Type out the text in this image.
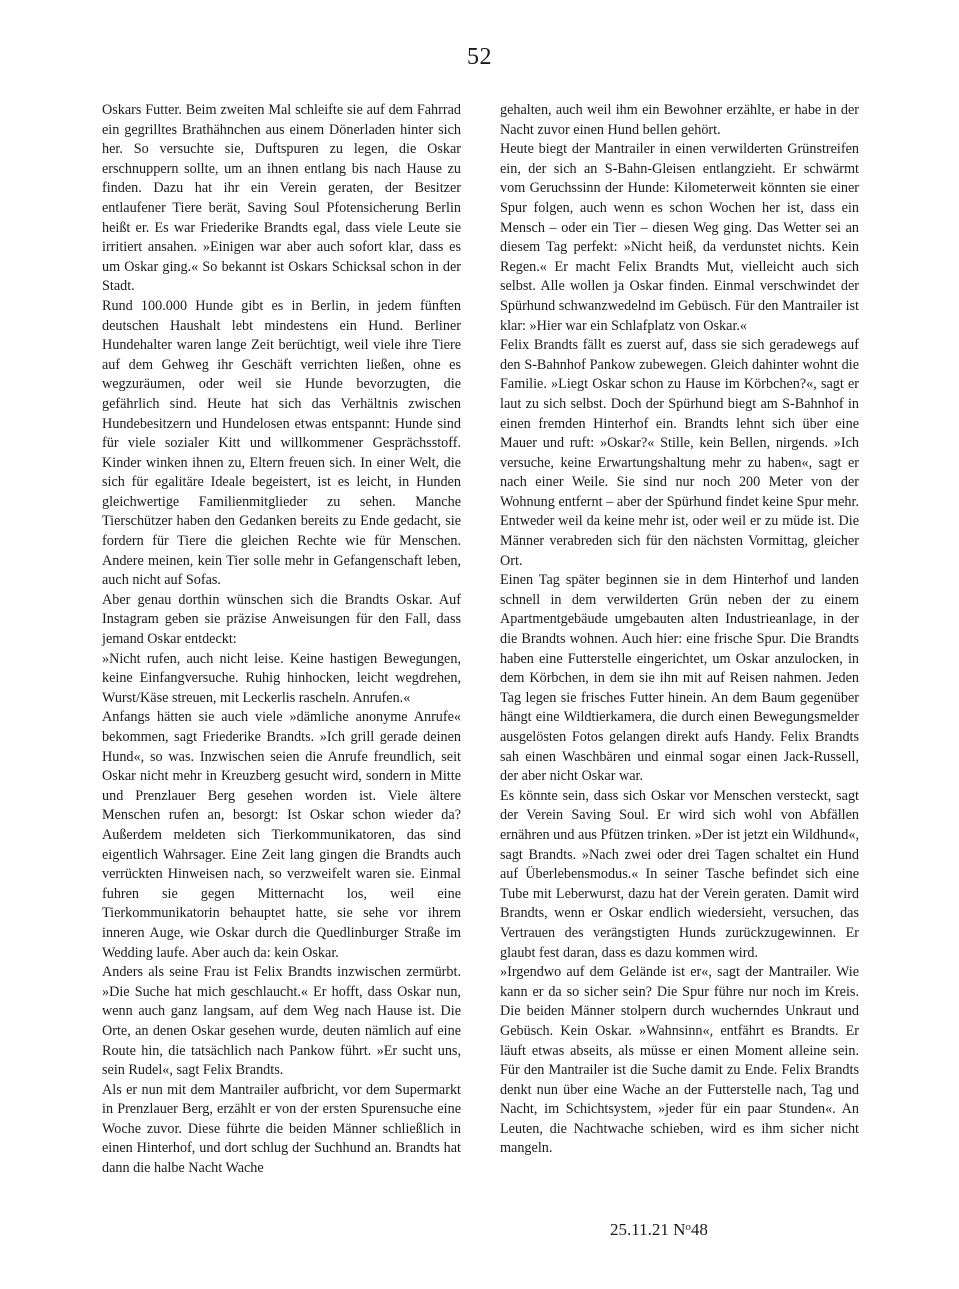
52

Oskars Futter. Beim zweiten Mal schleifte sie auf dem Fahrrad ein gegrilltes Brathähnchen aus einem Dönerladen hinter sich her. So versuchte sie, Duftspuren zu legen, die Oskar erschnuppern sollte, um an ihnen entlang bis nach Hause zu finden. Dazu hat ihr ein Verein geraten, der Besitzer entlaufener Tiere berät, Saving Soul Pfotensicherung Berlin heißt er. Es war Friederike Brandts egal, dass viele Leute sie irritiert ansahen. »Einigen war aber auch sofort klar, dass es um Oskar ging.« So bekannt ist Oskars Schicksal schon in der Stadt.

Rund 100.000 Hunde gibt es in Berlin, in jedem fünften deutschen Haushalt lebt mindestens ein Hund. Berliner Hundehalter waren lange Zeit berüchtigt, weil viele ihre Tiere auf dem Gehweg ihr Geschäft verrichten ließen, ohne es wegzuräumen, oder weil sie Hunde bevorzugten, die gefährlich sind. Heute hat sich das Verhältnis zwischen Hundebesitzern und Hundelosen etwas entspannt: Hunde sind für viele sozialer Kitt und willkommener Gesprächsstoff. Kinder winken ihnen zu, Eltern freuen sich. In einer Welt, die sich für egalitäre Ideale begeistert, ist es leicht, in Hunden gleichwertige Familienmitglieder zu sehen. Manche Tierschützer haben den Gedanken bereits zu Ende gedacht, sie fordern für Tiere die gleichen Rechte wie für Menschen. Andere meinen, kein Tier solle mehr in Gefangenschaft leben, auch nicht auf Sofas.

Aber genau dorthin wünschen sich die Brandts Oskar. Auf Instagram geben sie präzise Anweisungen für den Fall, dass jemand Oskar entdeckt:

»Nicht rufen, auch nicht leise. Keine hastigen Bewegungen, keine Einfangversuche. Ruhig hinhocken, leicht wegdrehen, Wurst/Käse streuen, mit Leckerlis rascheln. Anrufen.«

Anfangs hätten sie auch viele »dämliche anonyme Anrufe« bekommen, sagt Friederike Brandts. »Ich grill gerade deinen Hund«, so was. Inzwischen seien die Anrufe freundlich, seit Oskar nicht mehr in Kreuzberg gesucht wird, sondern in Mitte und Prenzlauer Berg gesehen worden ist. Viele ältere Menschen rufen an, besorgt: Ist Oskar schon wieder da? Außerdem meldeten sich Tierkommunikatoren, das sind eigentlich Wahrsager. Eine Zeit lang gingen die Brandts auch verrückten Hinweisen nach, so verzweifelt waren sie. Einmal fuhren sie gegen Mitternacht los, weil eine Tierkommunikatorin behauptet hatte, sie sehe vor ihrem inneren Auge, wie Oskar durch die Quedlinburger Straße im Wedding laufe. Aber auch da: kein Oskar.

Anders als seine Frau ist Felix Brandts inzwischen zermürbt. »Die Suche hat mich geschlaucht.« Er hofft, dass Oskar nun, wenn auch ganz langsam, auf dem Weg nach Hause ist. Die Orte, an denen Oskar gesehen wurde, deuten nämlich auf eine Route hin, die tatsächlich nach Pankow führt. »Er sucht uns, sein Rudel«, sagt Felix Brandts.

Als er nun mit dem Mantrailer aufbricht, vor dem Supermarkt in Prenzlauer Berg, erzählt er von der ersten Spurensuche eine Woche zuvor. Diese führte die beiden Männer schließlich in einen Hinterhof, und dort schlug der Suchhund an. Brandts hat dann die halbe Nacht Wache

gehalten, auch weil ihm ein Bewohner erzählte, er habe in der Nacht zuvor einen Hund bellen gehört.

Heute biegt der Mantrailer in einen verwilderten Grünstreifen ein, der sich an S-Bahn-Gleisen entlangzieht. Er schwärmt vom Geruchssinn der Hunde: Kilometerweit könnten sie einer Spur folgen, auch wenn es schon Wochen her ist, dass ein Mensch – oder ein Tier – diesen Weg ging. Das Wetter sei an diesem Tag perfekt: »Nicht heiß, da verdunstet nichts. Kein Regen.« Er macht Felix Brandts Mut, vielleicht auch sich selbst. Alle wollen ja Oskar finden. Einmal verschwindet der Spürhund schwanzwedelnd im Gebüsch. Für den Mantrailer ist klar: »Hier war ein Schlafplatz von Oskar.«

Felix Brandts fällt es zuerst auf, dass sie sich geradewegs auf den S-Bahnhof Pankow zubewegen. Gleich dahinter wohnt die Familie. »Liegt Oskar schon zu Hause im Körbchen?«, sagt er laut zu sich selbst. Doch der Spürhund biegt am S-Bahnhof in einen fremden Hinterhof ein. Brandts lehnt sich über eine Mauer und ruft: »Oskar?« Stille, kein Bellen, nirgends. »Ich versuche, keine Erwartungshaltung mehr zu haben«, sagt er nach einer Weile. Sie sind nur noch 200 Meter von der Wohnung entfernt – aber der Spürhund findet keine Spur mehr. Entweder weil da keine mehr ist, oder weil er zu müde ist. Die Männer verabreden sich für den nächsten Vormittag, gleicher Ort.

Einen Tag später beginnen sie in dem Hinterhof und landen schnell in dem verwilderten Grün neben der zu einem Apartmentgebäude umgebauten alten Industrieanlage, in der die Brandts wohnen. Auch hier: eine frische Spur. Die Brandts haben eine Futterstelle eingerichtet, um Oskar anzulocken, in dem Körbchen, in dem sie ihn mit auf Reisen nahmen. Jeden Tag legen sie frisches Futter hinein. An dem Baum gegenüber hängt eine Wildtierkamera, die durch einen Bewegungsmelder ausgelösten Fotos gelangen direkt aufs Handy. Felix Brandts sah einen Waschbären und einmal sogar einen Jack-Russell, der aber nicht Oskar war.

Es könnte sein, dass sich Oskar vor Menschen versteckt, sagt der Verein Saving Soul. Er wird sich wohl von Abfällen ernähren und aus Pfützen trinken. »Der ist jetzt ein Wildhund«, sagt Brandts. »Nach zwei oder drei Tagen schaltet ein Hund auf Überlebensmodus.« In seiner Tasche befindet sich eine Tube mit Leberwurst, dazu hat der Verein geraten. Damit wird Brandts, wenn er Oskar endlich wiedersieht, versuchen, das Vertrauen des verängstigten Hunds zurückzugewinnen. Er glaubt fest daran, dass es dazu kommen wird.

»Irgendwo auf dem Gelände ist er«, sagt der Mantrailer. Wie kann er da so sicher sein? Die Spur führe nur noch im Kreis. Die beiden Männer stolpern durch wucherndes Unkraut und Gebüsch. Kein Oskar. »Wahnsinn«, entfährt es Brandts. Er läuft etwas abseits, als müsse er einen Moment alleine sein. Für den Mantrailer ist die Suche damit zu Ende. Felix Brandts denkt nun über eine Wache an der Futterstelle nach, Tag und Nacht, im Schichtsystem, »jeder für ein paar Stunden«. An Leuten, die Nachtwache schieben, wird es ihm sicher nicht mangeln.

25.11.21 $N^o48$
